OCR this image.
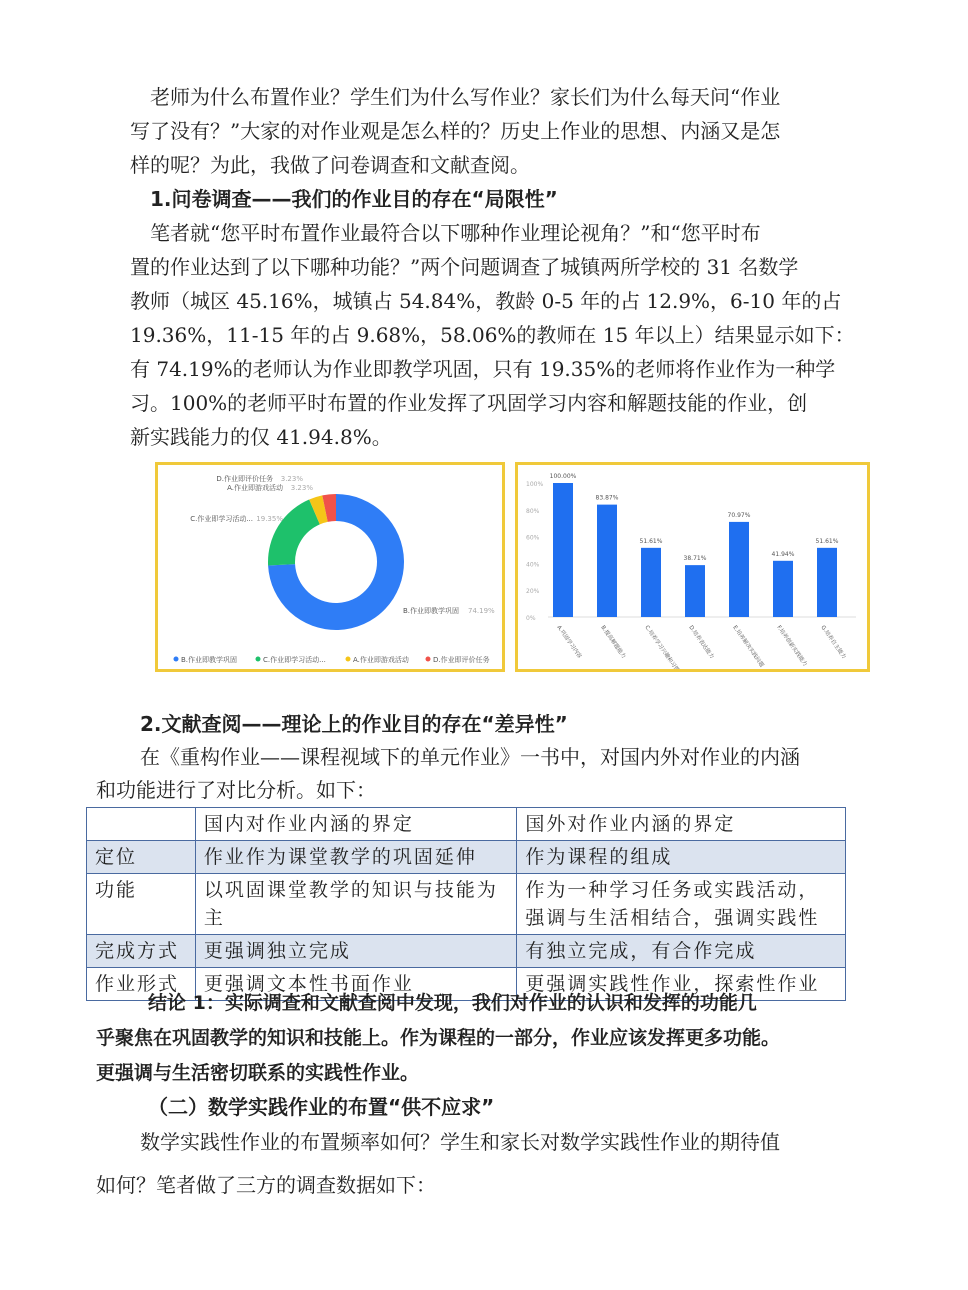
老师为什么布置作业？学生们为什么写作业？家长们为什么每天问“作业
写了没有？”大家的对作业观是怎么样的？历史上作业的思想、内涵又是怎
样的呢？为此，我做了问卷调查和文献查阅。
1.问卷调查——我们的作业目的存在“局限性”
笔者就“您平时布置作业最符合以下哪种作业理论视角？”和“您平时布
置的作业达到了以下哪种功能？”两个问题调查了城镇两所学校的 31 名数学
教师（城区 45.16%，城镇占 54.84%，教龄 0-5 年的占 12.9%，6-10 年的占
19.36%，11-15 年的占 9.68%，58.06%的教师在 15 年以上）结果显示如下：
有 74.19%的老师认为作业即教学巩固，只有 19.35%的老师将作业作为一种学
习。100%的老师平时布置的作业发挥了巩固学习内容和解题技能的作业，创
新实践能力的仅 41.94.8%。
B.作业即教学巩固 74.19%
C.作业即学习活动... 19.35%
A.作业即游戏活动 3.23%
D.作业即评价任务 3.23%
B.作业即教学巩固	C.作业即学习活动...	A.作业即游戏活动	D.作业即评价任务
0%
20%
40%
60%
80%
100%
100.00%
A.巩固学习内容
83.87%
B.提高解题能力
51.61%
C.培养学习兴趣和习惯
38.71%
D.培养表达能力
70.97%
E.培养解决实践问题
41.94%
F.培养创新实践能力
51.61%
G.培养自主能力
2.文献查阅——理论上的作业目的存在“差异性”
在《重构作业——课程视域下的单元作业》一书中，对国内外对作业的内涵
和功能进行了对比分析。如下：
	国内对作业内涵的界定	国外对作业内涵的界定
定位	作业作为课堂教学的巩固延伸	作为课程的组成
功能	以巩固课堂教学的知识与技能为主	作为一种学习任务或实践活动，强调与生活相结合，强调实践性
完成方式	更强调独立完成	有独立完成，有合作完成
作业形式	更强调文本性书面作业	更强调实践性作业，探索性作业
结论 1：实际调查和文献查阅中发现，我们对作业的认识和发挥的功能几
乎聚焦在巩固教学的知识和技能上。作为课程的一部分，作业应该发挥更多功能。
更强调与生活密切联系的实践性作业。
（二）数学实践作业的布置“供不应求”
数学实践性作业的布置频率如何？学生和家长对数学实践性作业的期待值
如何？笔者做了三方的调查数据如下：
